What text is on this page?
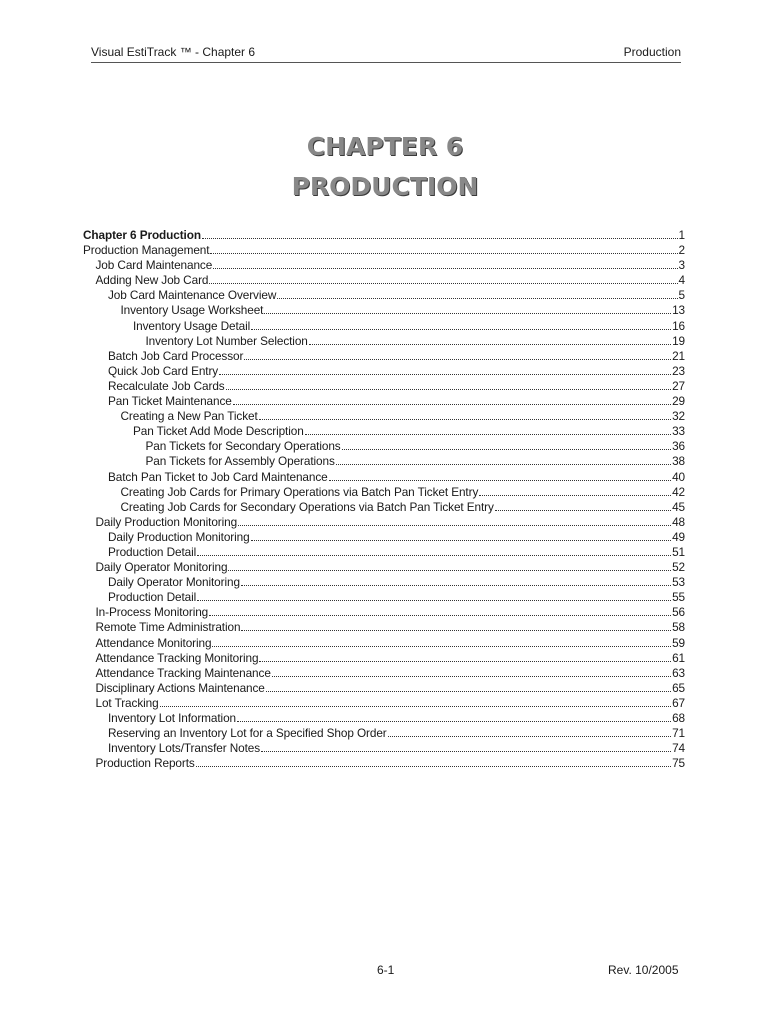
Visual EstiTrack ™ - Chapter 6	Production
CHAPTER 6
PRODUCTION
Chapter 6 Production	1
Production Management	2
Job Card Maintenance	3
Adding New Job Card	4
Job Card Maintenance Overview	5
Inventory Usage Worksheet	13
Inventory Usage Detail	16
Inventory Lot Number Selection	19
Batch Job Card Processor	21
Quick Job Card Entry	23
Recalculate Job Cards	27
Pan Ticket Maintenance	29
Creating a New Pan Ticket	32
Pan Ticket Add Mode Description	33
Pan Tickets for Secondary Operations	36
Pan Tickets for Assembly Operations	38
Batch Pan Ticket to Job Card Maintenance	40
Creating Job Cards for Primary Operations via Batch Pan Ticket Entry	42
Creating Job Cards for Secondary Operations via Batch Pan Ticket Entry	45
Daily Production Monitoring	48
Daily Production Monitoring	49
Production Detail	51
Daily Operator Monitoring	52
Daily Operator Monitoring	53
Production Detail	55
In-Process Monitoring	56
Remote Time Administration	58
Attendance Monitoring	59
Attendance Tracking Monitoring	61
Attendance Tracking Maintenance	63
Disciplinary Actions Maintenance	65
Lot Tracking	67
Inventory Lot Information	68
Reserving an Inventory Lot for a Specified Shop Order	71
Inventory Lots/Transfer Notes	74
Production Reports	75
6-1	Rev. 10/2005
